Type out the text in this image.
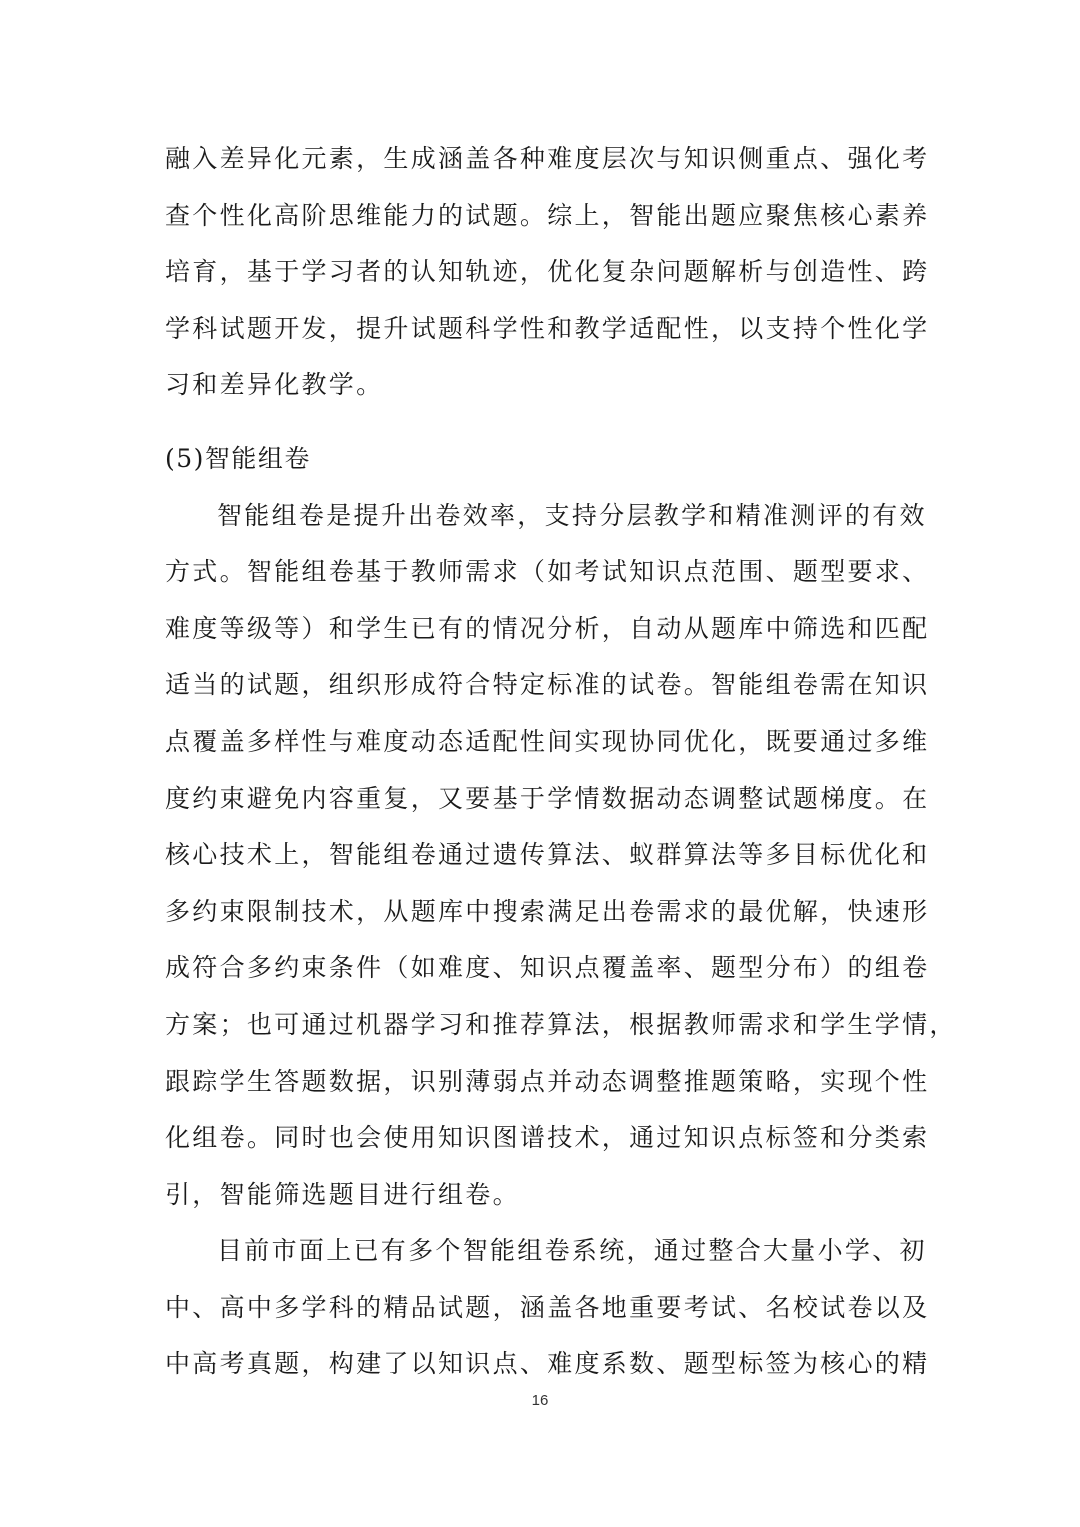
融入差异化元素，生成涵盖各种难度层次与知识侧重点、强化考
查个性化高阶思维能力的试题。综上，智能出题应聚焦核心素养
培育，基于学习者的认知轨迹，优化复杂问题解析与创造性、跨
学科试题开发，提升试题科学性和教学适配性，以支持个性化学
习和差异化教学。
(5)智能组卷
智能组卷是提升出卷效率，支持分层教学和精准测评的有效
方式。智能组卷基于教师需求（如考试知识点范围、题型要求、
难度等级等）和学生已有的情况分析，自动从题库中筛选和匹配
适当的试题，组织形成符合特定标准的试卷。智能组卷需在知识
点覆盖多样性与难度动态适配性间实现协同优化，既要通过多维
度约束避免内容重复，又要基于学情数据动态调整试题梯度。在
核心技术上，智能组卷通过遗传算法、蚁群算法等多目标优化和
多约束限制技术，从题库中搜索满足出卷需求的最优解，快速形
成符合多约束条件（如难度、知识点覆盖率、题型分布）的组卷
方案；也可通过机器学习和推荐算法，根据教师需求和学生学情，
跟踪学生答题数据，识别薄弱点并动态调整推题策略，实现个性
化组卷。同时也会使用知识图谱技术，通过知识点标签和分类索
引，智能筛选题目进行组卷。
目前市面上已有多个智能组卷系统，通过整合大量小学、初
中、高中多学科的精品试题，涵盖各地重要考试、名校试卷以及
中高考真题，构建了以知识点、难度系数、题型标签为核心的精
16
